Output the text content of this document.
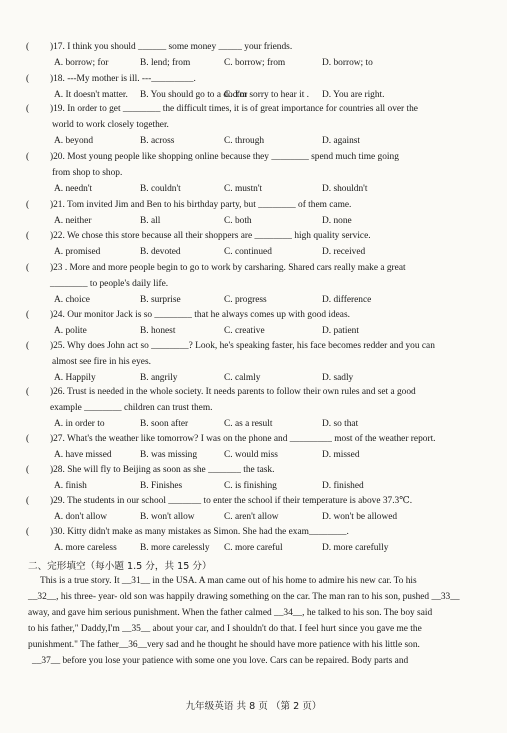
(	)17. I think you should ______ some money _____ your friends.
A. borrow; for	B. lend; from	C. borrow; from	D. borrow; to
(	)18. ---My mother is ill. ---_________.
A. It doesn't matter. B. You should go to a doctor
C. I'm sorry to hear it . D. You are right.
(	)19. In order to get ________ the difficult times, it is of great importance for countries all over the
world to work closely together.
A. beyond	B. across	C. through	D. against
(	)20. Most young people like shopping online because they ________ spend much time going
from shop to shop.
A. needn't	B. couldn't	C. mustn't	D. shouldn't
(	)21. Tom invited Jim and Ben to his birthday party, but ________ of them came.
A. neither	B. all	C. both	D. none
(	)22. We chose this store because all their shoppers are ________ high quality service.
A. promised	B. devoted	C. continued	D. received
(	)23 . More and more people begin to go to work by carsharing. Shared cars really make a great
________ to people's daily life.
A. choice	B. surprise	C. progress	D. difference
(	)24. Our monitor Jack is so ________ that he always comes up with good ideas.
A. polite	B. honest	C. creative	D. patient
(	)25. Why does John act so ________? Look, he's speaking faster, his face becomes redder and you can
almost see fire in his eyes.
A. Happily	B. angrily	C. calmly	D. sadly
(	)26. Trust is needed in the whole society. It needs parents to follow their own rules and set a good
example ________ children can trust them.
A. in order to	B. soon after	C. as a result	D. so that
(	)27. What's the weather like tomorrow? I was on the phone and _________ most of the weather report.
A. have missed	B. was missing	C. would miss	D. missed
(	)28. She will fly to Beijing as soon as she _______ the task.
A. finish	B. Finishes	C. is finishing	D. finished
(	)29. The students in our school _______ to enter the school if their temperature is above 37.3℃.
A. don't allow	B. won't allow	C. aren't allow	D. won't be allowed
(	)30. Kitty didn't make as many mistakes as Simon. She had the exam________.
A. more careless B. more carelessly C. more careful	D. more carefully
二、完形填空（每小题 1.5 分，共 15 分）
This is a true story. It __31__ in the USA. A man came out of his home to admire his new car. To his
__32__, his three- year- old son was happily drawing something on the car. The man ran to his son, pushed __33__
away, and gave him serious punishment. When the father calmed __34__, he talked to his son. The boy said
to his father," Daddy,I'm __35__ about your car, and I shouldn't do that. I feel hurt since you gave me the
punishment." The father__36__very sad and he thought he should have more patience with his little son.
__37__ before you lose your patience with some one you love. Cars can be repaired. Body parts and
九年级英语 共 8 页 （第 2 页）
